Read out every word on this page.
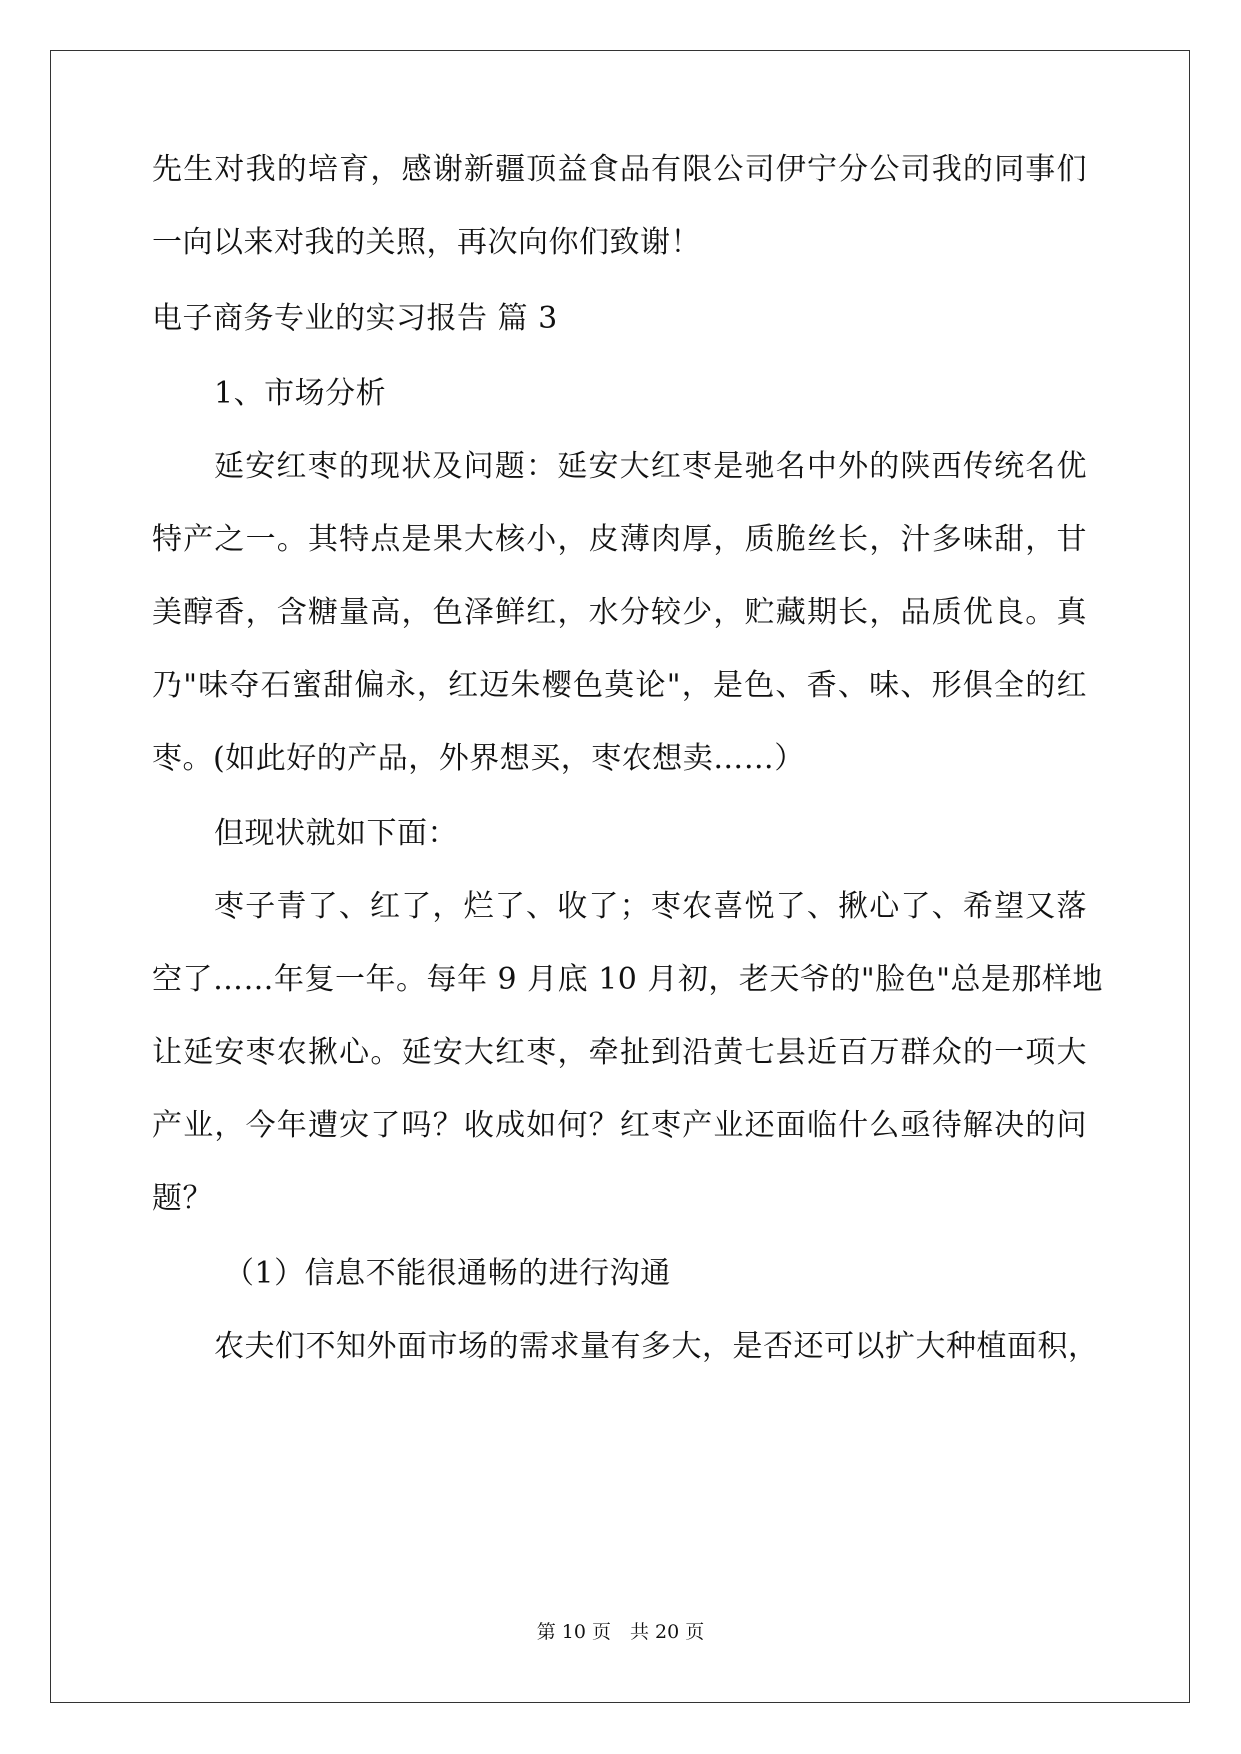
先生对我的培育，感谢新疆顶益食品有限公司伊宁分公司我的同事们
一向以来对我的关照，再次向你们致谢！
电子商务专业的实习报告 篇 3
1、市场分析
延安红枣的现状及问题：延安大红枣是驰名中外的陕西传统名优
特产之一。其特点是果大核小，皮薄肉厚，质脆丝长，汁多味甜，甘
美醇香，含糖量高，色泽鲜红，水分较少，贮藏期长，品质优良。真
乃"味夺石蜜甜偏永，红迈朱樱色莫论"，是色、香、味、形俱全的红
枣。(如此好的产品，外界想买，枣农想卖……）
但现状就如下面：
枣子青了、红了，烂了、收了；枣农喜悦了、揪心了、希望又落
空了……年复一年。每年 9 月底 10 月初，老天爷的"脸色"总是那样地
让延安枣农揪心。延安大红枣，牵扯到沿黄七县近百万群众的一项大
产业，今年遭灾了吗？收成如何？红枣产业还面临什么亟待解决的问
题？
（1）信息不能很通畅的进行沟通
农夫们不知外面市场的需求量有多大，是否还可以扩大种植面积，
第 10 页　共 20 页
